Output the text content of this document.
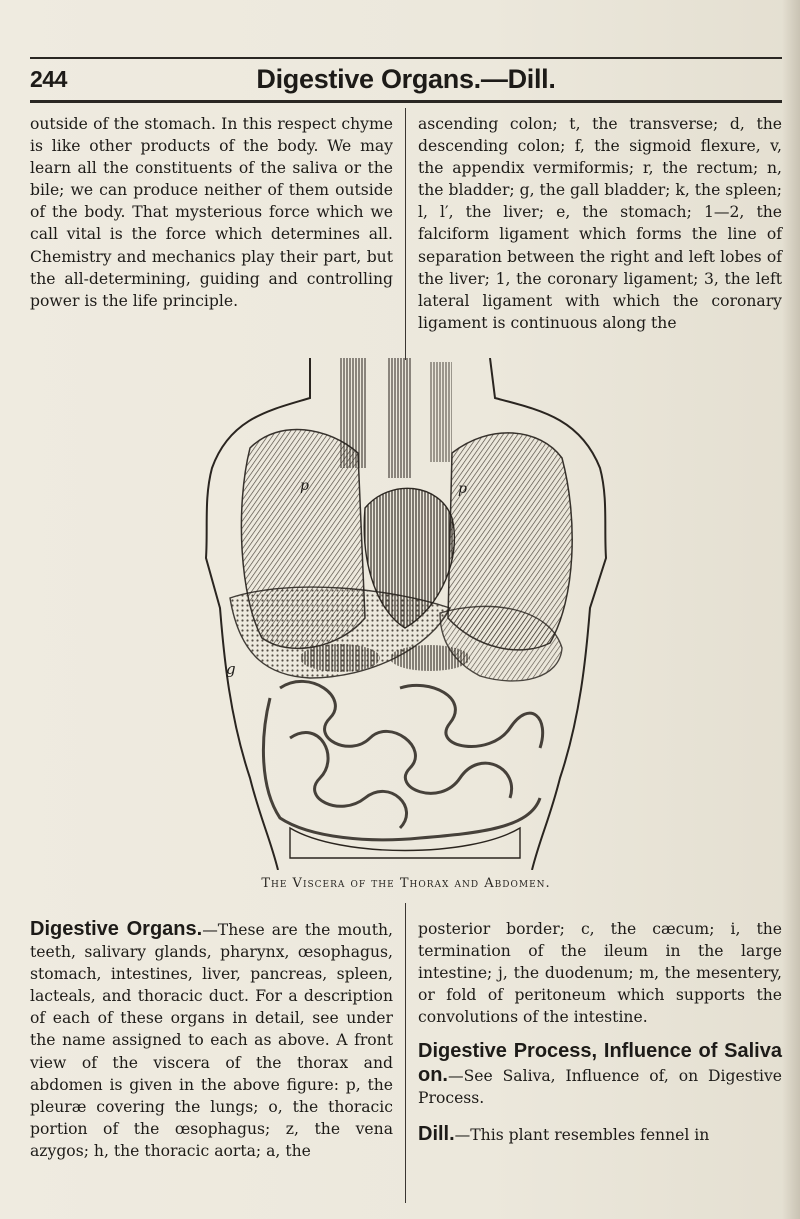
244	Digestive Organs.—Dill.

outside of the stomach. In this respect chyme is like other products of the body. We may learn all the constituents of the saliva or the bile; we can produce neither of them outside of the body. That mysterious force which we call vital is the force which determines all. Chemistry and mechanics play their part, but the all-determining, guiding and controlling power is the life principle.

ascending colon; t, the transverse; d, the descending colon; f, the sigmoid flexure, v, the appendix vermiformis; r, the rectum; n, the bladder; g, the gall bladder; k, the spleen; l, l′, the liver; e, the stomach; 1—2, the falciform ligament which forms the line of separation between the right and left lobes of the liver; 1, the coronary ligament; 3, the left lateral ligament with which the coronary ligament is continuous along the

g
p	p
The Viscera of the Thorax and Abdomen.

Digestive Organs.—These are the mouth, teeth, salivary glands, pharynx, œsophagus, stomach, intestines, liver, pancreas, spleen, lacteals, and thoracic duct. For a description of each of these organs in detail, see under the name assigned to each as above. A front view of the viscera of the thorax and abdomen is given in the above figure: p, the pleuræ covering the lungs; o, the thoracic portion of the œsophagus; z, the vena azygos; h, the thoracic aorta; a, the

posterior border; c, the cæcum; i, the termination of the ileum in the large intestine; j, the duodenum; m, the mesentery, or fold of peritoneum which supports the convolutions of the intestine.

Digestive Process, Influence of Saliva on.—See Saliva, Influence of, on Digestive Process.

Dill.—This plant resembles fennel in
